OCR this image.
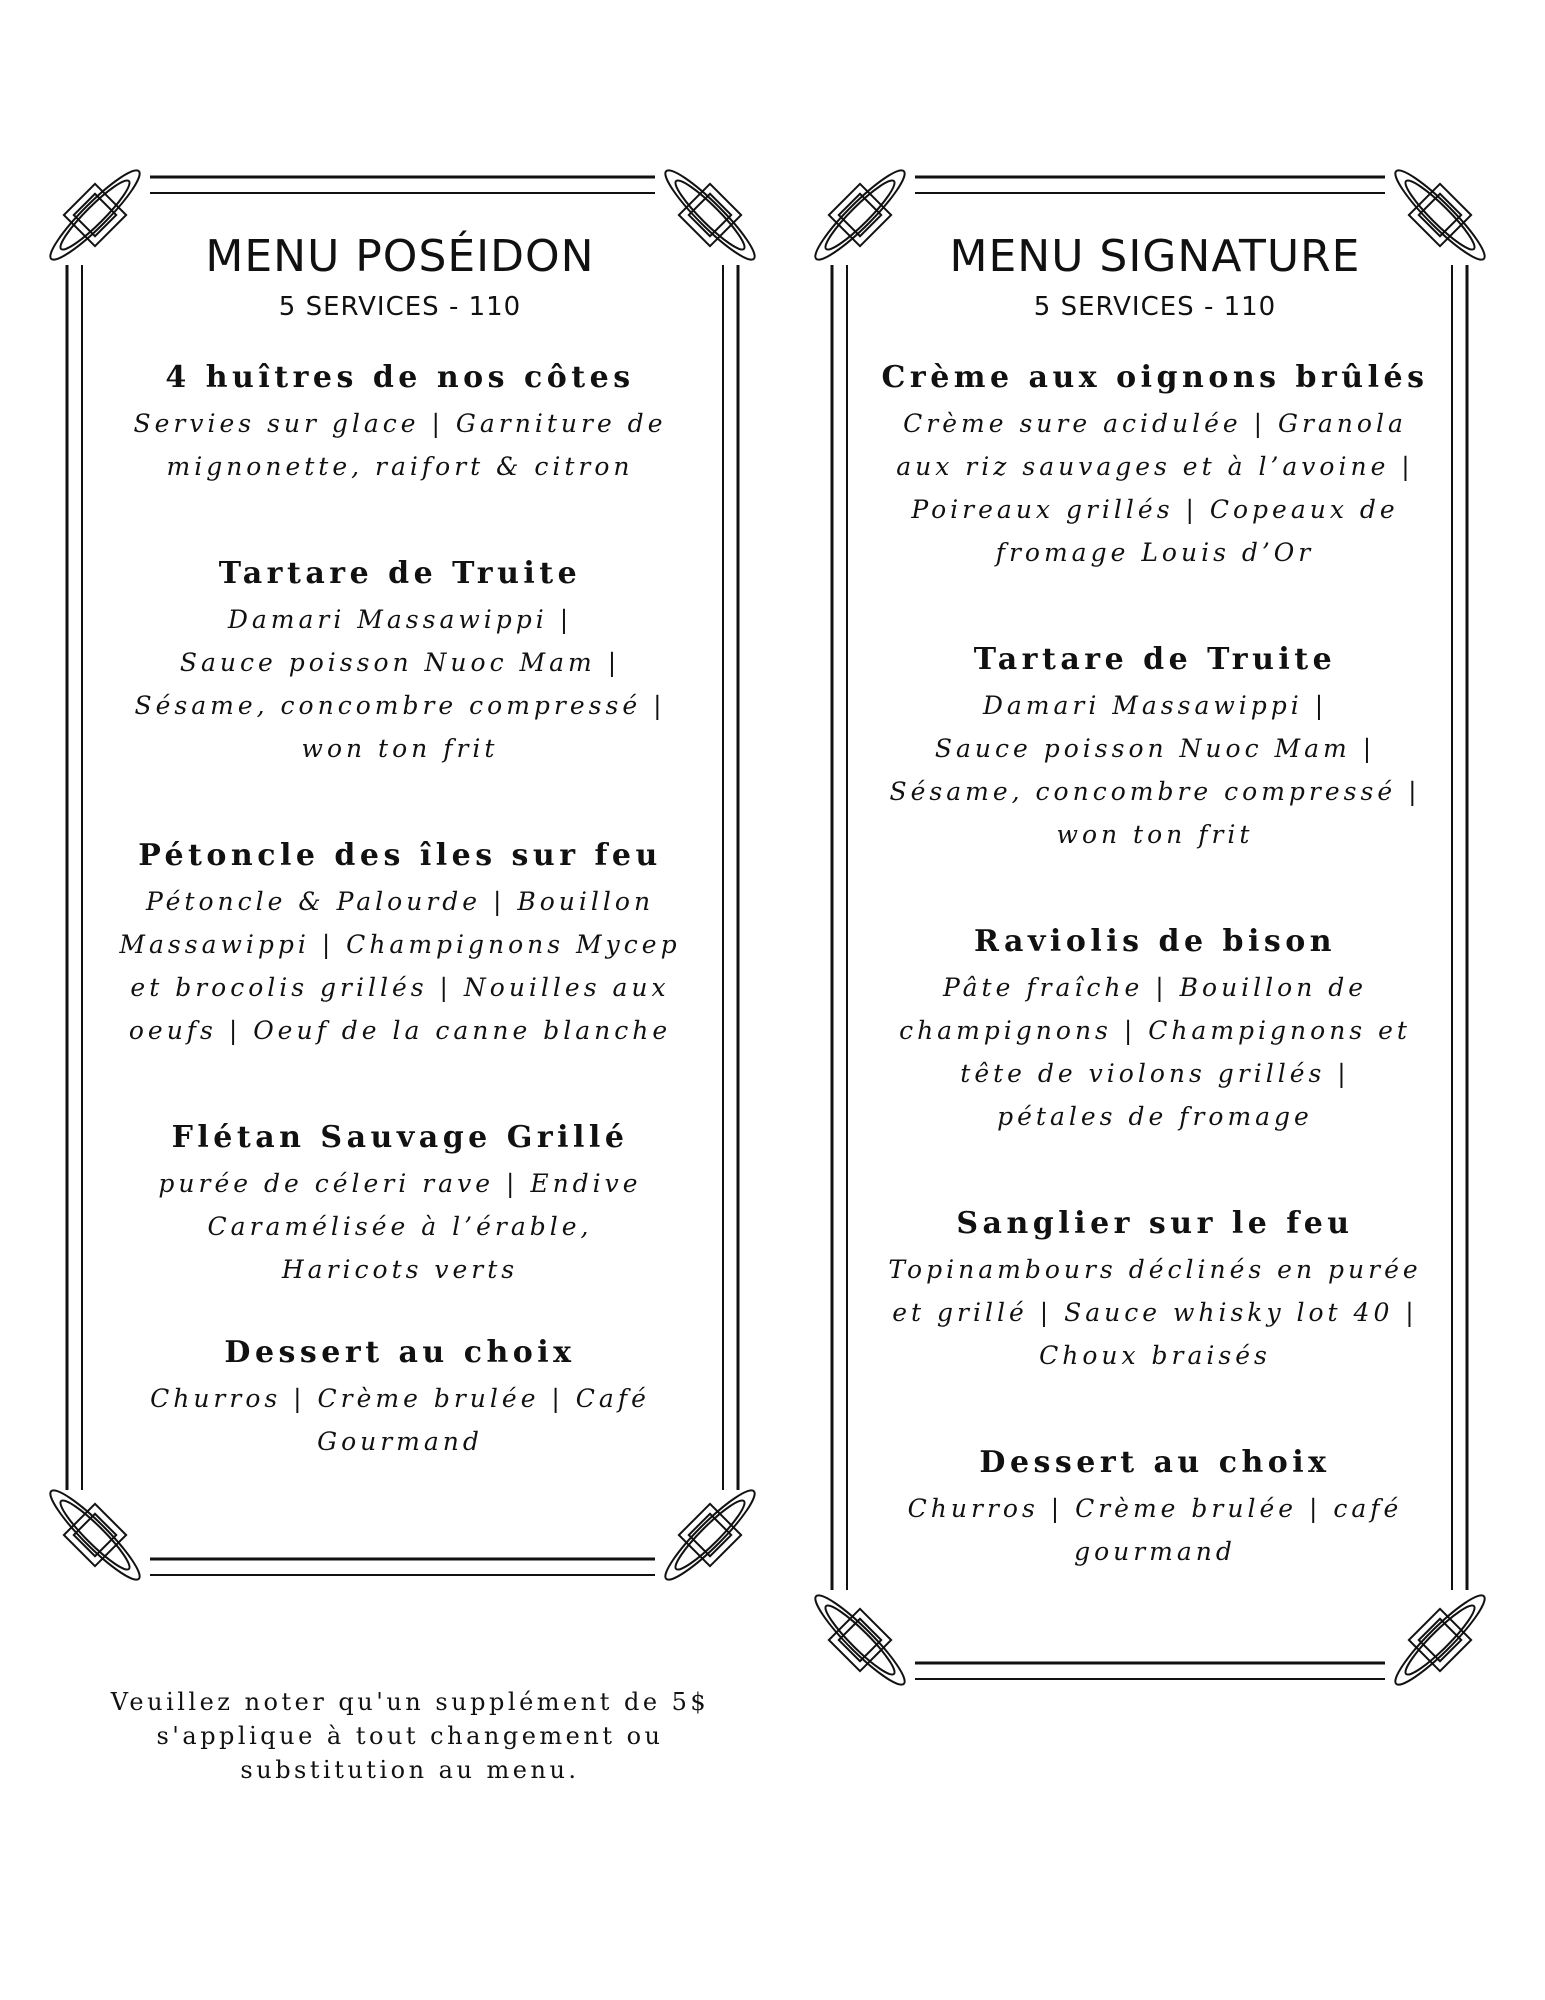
MENU POSÉIDON
5 SERVICES - 110
4 huîtres de nos côtes
Servies sur glace | Garniture de
mignonette, raifort & citron
Tartare de Truite
Damari Massawippi |
Sauce poisson Nuoc Mam |
Sésame, concombre compressé |
won ton frit
Pétoncle des îles sur feu
Pétoncle & Palourde | Bouillon
Massawippi | Champignons Mycep
et brocolis grillés | Nouilles aux
oeufs | Oeuf de la canne blanche
Flétan Sauvage Grillé
purée de céleri rave | Endive
Caramélisée à l’érable,
Haricots verts
Dessert au choix
Churros | Crème brulée | Café
Gourmand
MENU SIGNATURE
5 SERVICES - 110
Crème aux oignons brûlés
Crème sure acidulée | Granola
aux riz sauvages et à l’avoine |
Poireaux grillés | Copeaux de
fromage Louis d’Or
Tartare de Truite
Damari Massawippi |
Sauce poisson Nuoc Mam |
Sésame, concombre compressé |
won ton frit
Raviolis de bison
Pâte fraîche | Bouillon de
champignons | Champignons et
tête de violons grillés |
pétales de fromage
Sanglier sur le feu
Topinambours déclinés en purée
et grillé | Sauce whisky lot 40 |
Choux braisés
Dessert au choix
Churros | Crème brulée | café
gourmand
Veuillez noter qu'un supplément de 5$
s'applique à tout changement ou
substitution au menu.
